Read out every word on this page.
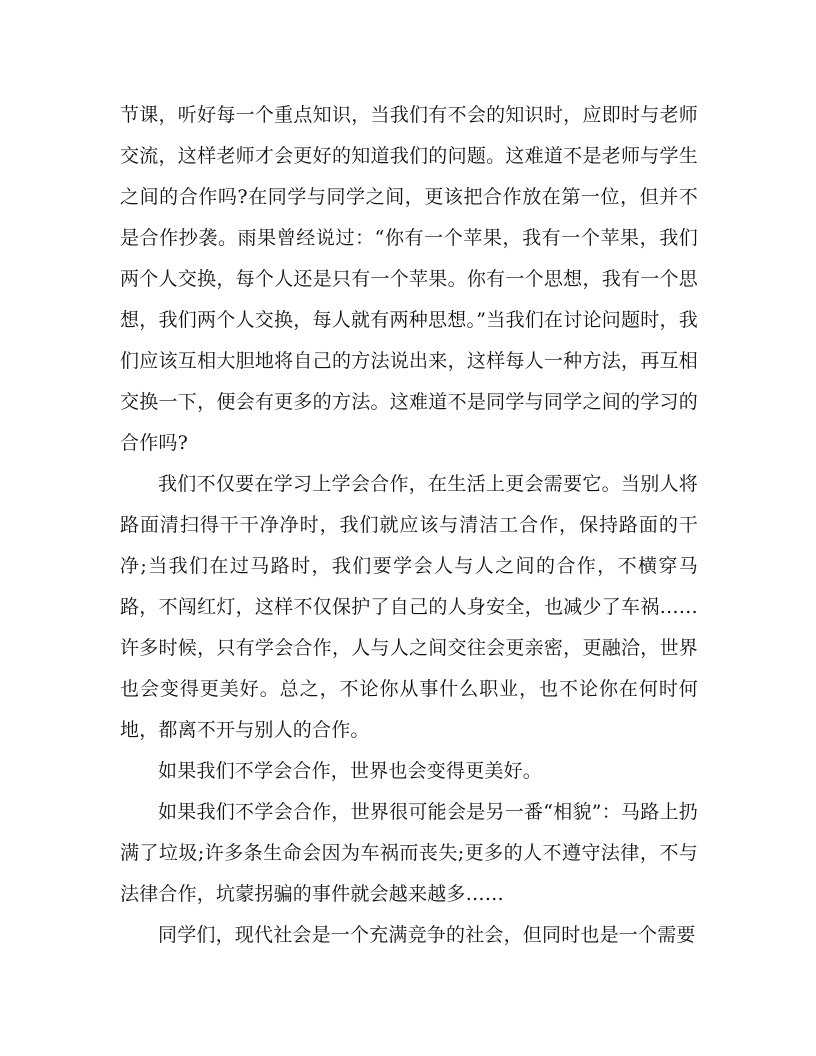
节课，听好每一个重点知识，当我们有不会的知识时，应即时与老师交流，这样老师才会更好的知道我们的问题。这难道不是老师与学生之间的合作吗?在同学与同学之间，更该把合作放在第一位，但并不是合作抄袭。雨果曾经说过：“你有一个苹果，我有一个苹果，我们两个人交换，每个人还是只有一个苹果。你有一个思想，我有一个思想，我们两个人交换，每人就有两种思想。”当我们在讨论问题时，我们应该互相大胆地将自己的方法说出来，这样每人一种方法，再互相交换一下，便会有更多的方法。这难道不是同学与同学之间的学习的合作吗?

我们不仅要在学习上学会合作，在生活上更会需要它。当别人将路面清扫得干干净净时，我们就应该与清洁工合作，保持路面的干净;当我们在过马路时，我们要学会人与人之间的合作，不横穿马路，不闯红灯，这样不仅保护了自己的人身安全，也减少了车祸……许多时候，只有学会合作，人与人之间交往会更亲密，更融洽，世界也会变得更美好。总之，不论你从事什么职业，也不论你在何时何地，都离不开与别人的合作。

如果我们不学会合作，世界也会变得更美好。

如果我们不学会合作，世界很可能会是另一番“相貌”：马路上扔满了垃圾;许多条生命会因为车祸而丧失;更多的人不遵守法律，不与法律合作，坑蒙拐骗的事件就会越来越多……

同学们，现代社会是一个充满竞争的社会，但同时也是一个需要
